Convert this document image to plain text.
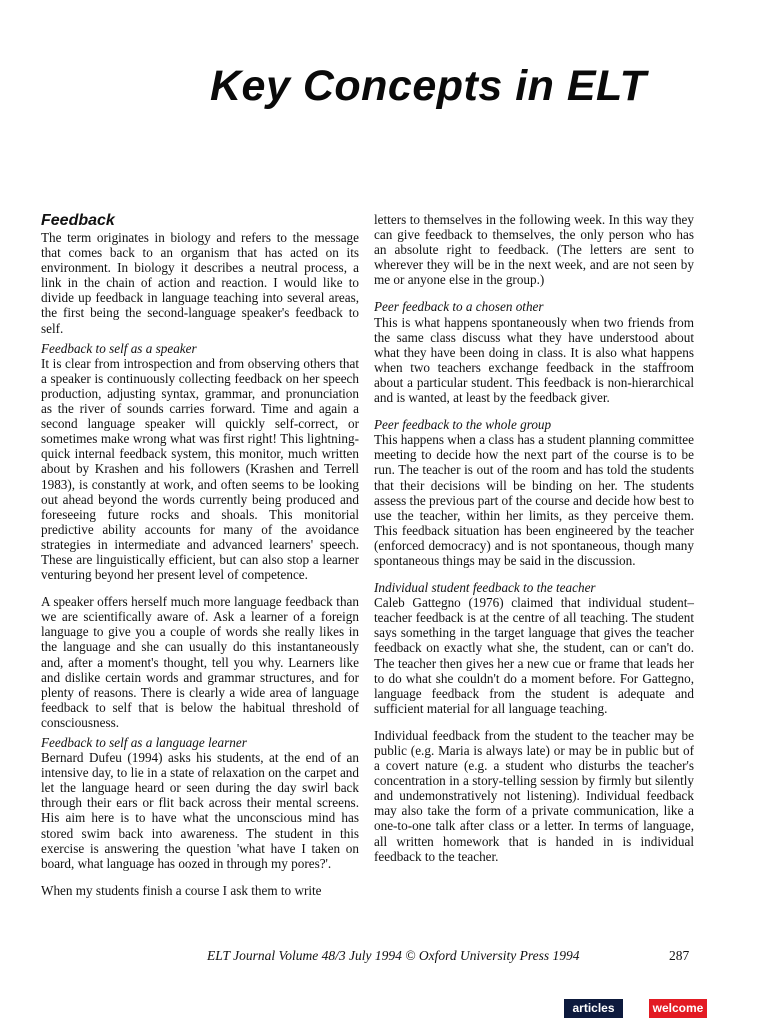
Key Concepts in ELT
Feedback

The term originates in biology and refers to the message that comes back to an organism that has acted on its environment. In biology it describes a neutral process, a link in the chain of action and reaction. I would like to divide up feedback in language teaching into several areas, the first being the second-language speaker's feedback to self.

Feedback to self as a speaker

It is clear from introspection and from observing others that a speaker is continuously collecting feedback on her speech production, adjusting syntax, grammar, and pronunciation as the river of sounds carries forward. Time and again a second language speaker will quickly self-correct, or sometimes make wrong what was first right! This lightning-quick internal feedback system, this monitor, much written about by Krashen and his followers (Krashen and Terrell 1983), is constantly at work, and often seems to be looking out ahead beyond the words currently being produced and foreseeing future rocks and shoals. This monitorial predictive ability accounts for many of the avoidance strategies in intermediate and advanced learners' speech. These are linguistically efficient, but can also stop a learner venturing beyond her present level of competence.

A speaker offers herself much more language feedback than we are scientifically aware of. Ask a learner of a foreign language to give you a couple of words she really likes in the language and she can usually do this instantaneously and, after a moment's thought, tell you why. Learners like and dislike certain words and grammar structures, and for plenty of reasons. There is clearly a wide area of language feedback to self that is below the habitual threshold of consciousness.

Feedback to self as a language learner

Bernard Dufeu (1994) asks his students, at the end of an intensive day, to lie in a state of relaxation on the carpet and let the language heard or seen during the day swirl back through their ears or flit back across their mental screens. His aim here is to have what the unconscious mind has stored swim back into awareness. The student in this exercise is answering the question 'what have I taken on board, what language has oozed in through my pores?'.

When my students finish a course I ask them to write

letters to themselves in the following week. In this way they can give feedback to themselves, the only person who has an absolute right to feedback. (The letters are sent to wherever they will be in the next week, and are not seen by me or anyone else in the group.)

Peer feedback to a chosen other

This is what happens spontaneously when two friends from the same class discuss what they have understood about what they have been doing in class. It is also what happens when two teachers exchange feedback in the staffroom about a particular student. This feedback is non-hierarchical and is wanted, at least by the feedback giver.

Peer feedback to the whole group

This happens when a class has a student planning committee meeting to decide how the next part of the course is to be run. The teacher is out of the room and has told the students that their decisions will be binding on her. The students assess the previous part of the course and decide how best to use the teacher, within her limits, as they perceive them. This feedback situation has been engineered by the teacher (enforced democracy) and is not spontaneous, though many spontaneous things may be said in the discussion.

Individual student feedback to the teacher

Caleb Gattegno (1976) claimed that individual student–teacher feedback is at the centre of all teaching. The student says something in the target language that gives the teacher feedback on exactly what she, the student, can or can't do. The teacher then gives her a new cue or frame that leads her to do what she couldn't do a moment before. For Gattegno, language feedback from the student is adequate and sufficient material for all language teaching.

Individual feedback from the student to the teacher may be public (e.g. Maria is always late) or may be in public but of a covert nature (e.g. a student who disturbs the teacher's concentration in a story-telling session by firmly but silently and undemonstratively not listening). Individual feedback may also take the form of a private communication, like a one-to-one talk after class or a letter. In terms of language, all written homework that is handed in is individual feedback to the teacher.

ELT Journal Volume 48/3 July 1994 © Oxford University Press 1994	287
articles	welcome
